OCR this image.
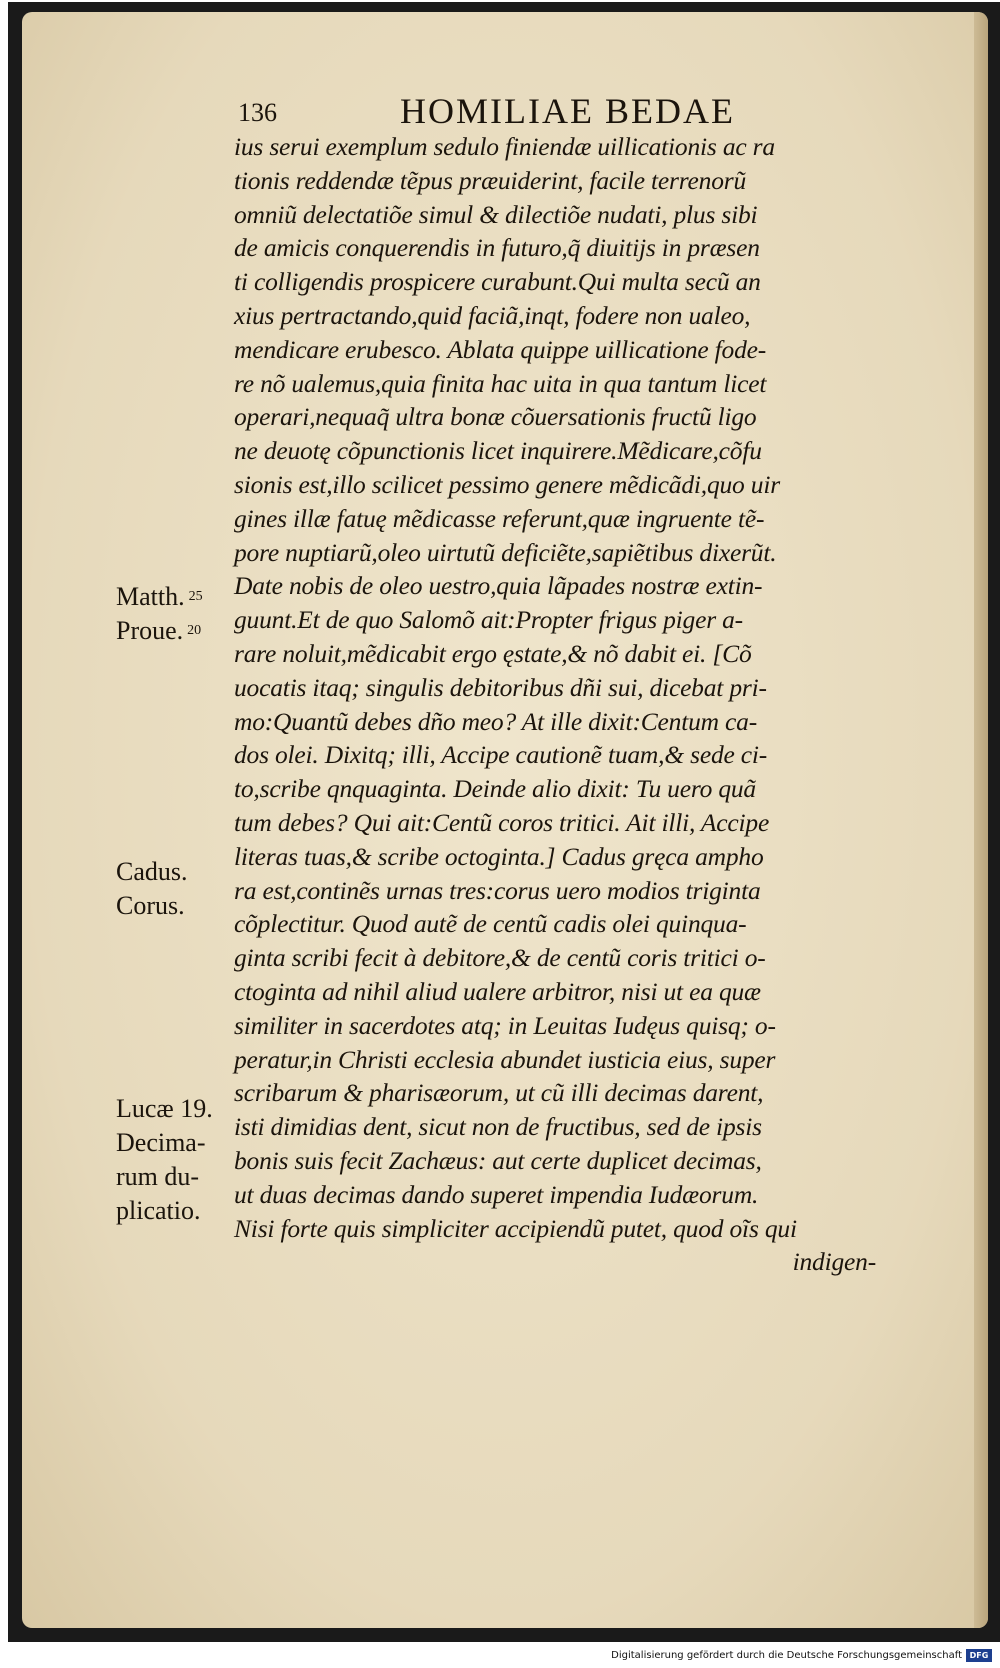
136	HOMILIAE BEDAE
ius serui exemplum sedulo finiendæ uillicationis ac ra
tionis reddendæ tẽpus præuiderint, facile terrenorũ
omniũ delectatiõe simul & dilectiõe nudati, plus sibi
de amicis conquerendis in futuro,q̃ diuitijs in præsen
ti colligendis prospicere curabunt.Qui multa secũ an
xius pertractando,quid faciã,inqt, fodere non ualeo,
mendicare erubesco. Ablata quippe uillicatione fode-
re nõ ualemus,quia finita hac uita in qua tantum licet
operari,nequaq̃ ultra bonæ cõuersationis fructũ ligo
ne deuotę cõpunctionis licet inquirere.Mẽdicare,cõfu
sionis est,illo scilicet pessimo genere mẽdicãdi,quo uir
gines illæ fatuę mẽdicasse referunt,quæ ingruente tẽ-
pore nuptiarũ,oleo uirtutũ deficiẽte,sapiẽtibus dixerũt.
Date nobis de oleo uestro,quia lãpades nostræ extin-
guunt.Et de quo Salomõ ait:Propter frigus piger a-
rare noluit,mẽdicabit ergo ęstate,& nõ dabit ei. [Cõ
uocatis itaq; singulis debitoribus dñi sui, dicebat pri-
mo:Quantũ debes dño meo? At ille dixit:Centum ca-
dos olei. Dixitq; illi, Accipe cautionẽ tuam,& sede ci-
to,scribe qnquaginta. Deinde alio dixit: Tu uero quã
tum debes? Qui ait:Centũ coros tritici. Ait illi, Accipe
literas tuas,& scribe octoginta.] Cadus gręca ampho
ra est,continẽs urnas tres:corus uero modios triginta
cõplectitur. Quod autẽ de centũ cadis olei quinqua-
ginta scribi fecit à debitore,& de centũ coris tritici o-
ctoginta ad nihil aliud ualere arbitror, nisi ut ea quæ
similiter in sacerdotes atq; in Leuitas Iudęus quisq; o-
peratur,in Christi ecclesia abundet iusticia eius, super
scribarum & pharisæorum, ut cũ illi decimas darent,
isti dimidias dent, sicut non de fructibus, sed de ipsis
bonis suis fecit Zachæus: aut certe duplicet decimas,
ut duas decimas dando superet impendia Iudæorum.
Nisi forte quis simpliciter accipiendũ putet, quod oĩs qui
indigen-
Matth. $^{25}$
Proue. $^{20}$
Cadus.
Corus.
Lucæ 19.
Decima-
rum du-
plicatio.
Digitalisierung gefördert durch die Deutsche Forschungsgemeinschaft DFG
